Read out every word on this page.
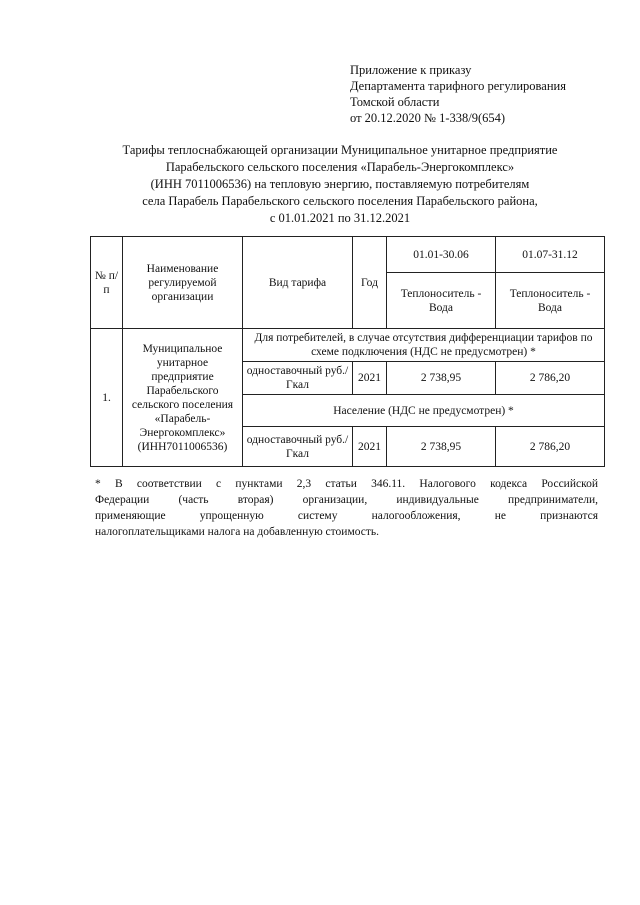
Приложение к приказу
Департамента тарифного регулирования
Томской области
от 20.12.2020 № 1-338/9(654)
Тарифы теплоснабжающей организации Муниципальное унитарное предприятие
Парабельского сельского поселения «Парабель-Энергокомплекс»
(ИНН 7011006536) на тепловую энергию, поставляемую потребителям
села Парабель Парабельского сельского поселения Парабельского района,
с 01.01.2021 по 31.12.2021
№ п/п	Наименование регулируемой организации	Вид тарифа	Год	01.01-30.06	01.07-31.12
				Теплоноситель - Вода	Теплоноситель - Вода
1.	Муниципальное унитарное предприятие Парабельского сельского поселения «Парабель-Энергокомплекс» (ИНН7011006536)	Для потребителей, в случае отсутствия дифференциации тарифов по схеме подключения (НДС не предусмотрен) *			
		одноставочный руб./Гкал	2021	2 738,95	2 786,20
		Население (НДС не предусмотрен) *			
		одноставочный руб./Гкал	2021	2 738,95	2 786,20
* В соответствии с пунктами 2,3 статьи 346.11. Налогового кодекса Российской
Федерации (часть вторая) организации, индивидуальные предприниматели,
применяющие упрощенную систему налогообложения, не признаются
налогоплательщиками налога на добавленную стоимость.
